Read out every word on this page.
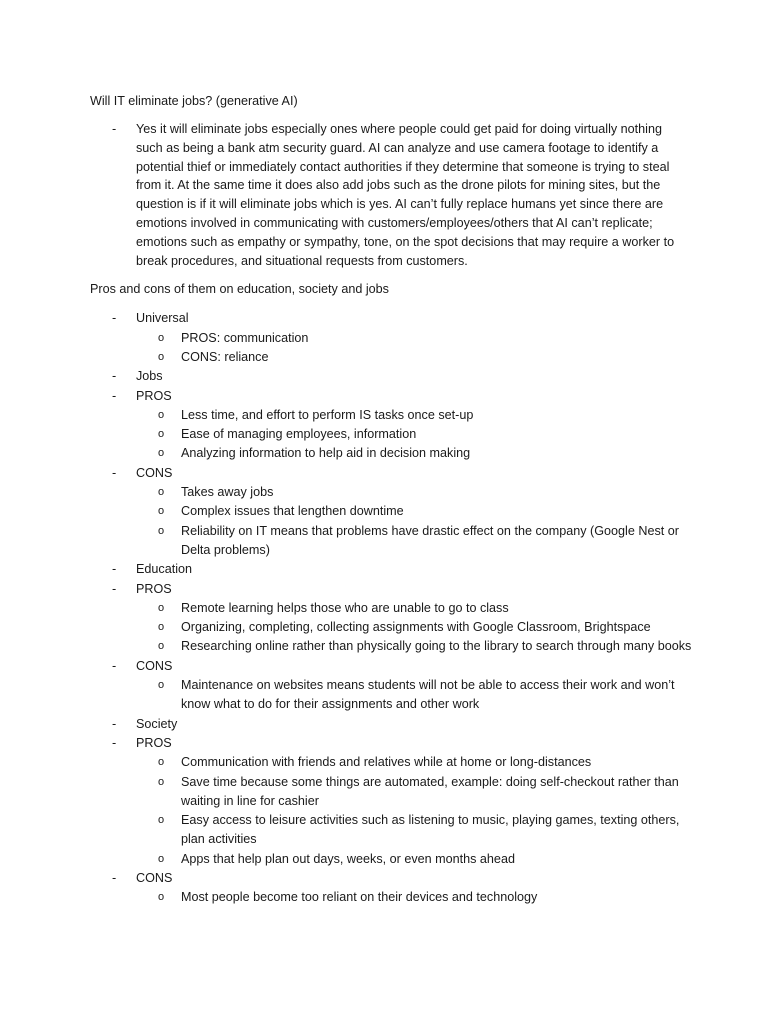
Will IT eliminate jobs? (generative AI)

- Yes it will eliminate jobs especially ones where people could get paid for doing virtually nothing such as being a bank atm security guard. AI can analyze and use camera footage to identify a potential thief or immediately contact authorities if they determine that someone is trying to steal from it. At the same time it does also add jobs such as the drone pilots for mining sites, but the question is if it will eliminate jobs which is yes. AI can’t fully replace humans yet since there are emotions involved in communicating with customers/employees/others that AI can’t replicate; emotions such as empathy or sympathy, tone, on the spot decisions that may require a worker to break procedures, and situational requests from customers.

Pros and cons of them on education, society and jobs

- Universal
o PROS: communication
o CONS: reliance
- Jobs
- PROS
o Less time, and effort to perform IS tasks once set-up
o Ease of managing employees, information
o Analyzing information to help aid in decision making
- CONS
o Takes away jobs
o Complex issues that lengthen downtime
o Reliability on IT means that problems have drastic effect on the company (Google Nest or Delta problems)
- Education
- PROS
o Remote learning helps those who are unable to go to class
o Organizing, completing, collecting assignments with Google Classroom, Brightspace
o Researching online rather than physically going to the library to search through many books
- CONS
o Maintenance on websites means students will not be able to access their work and won’t know what to do for their assignments and other work
- Society
- PROS
o Communication with friends and relatives while at home or long-distances
o Save time because some things are automated, example: doing self-checkout rather than waiting in line for cashier
o Easy access to leisure activities such as listening to music, playing games, texting others, plan activities
o Apps that help plan out days, weeks, or even months ahead
- CONS
o Most people become too reliant on their devices and technology
